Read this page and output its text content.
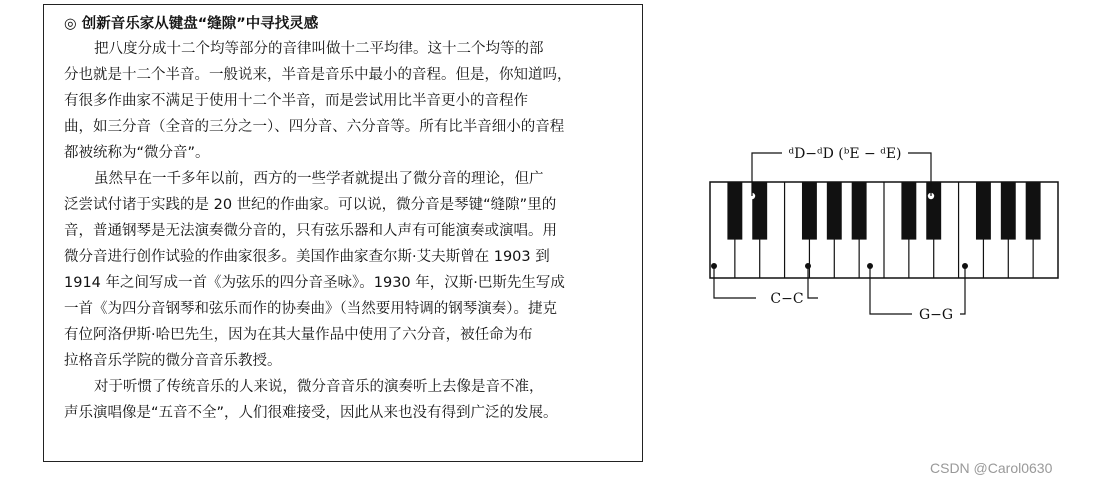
◎ 创新音乐家从键盘“缝隙”中寻找灵感

把八度分成十二个均等部分的音律叫做十二平均律。这十二个均等的部

分也就是十二个半音。一般说来，半音是音乐中最小的音程。但是，你知道吗，

有很多作曲家不满足于使用十二个半音，而是尝试用比半音更小的音程作

曲，如三分音（全音的三分之一）、四分音、六分音等。所有比半音细小的音程

都被统称为“微分音”。

虽然早在一千多年以前，西方的一些学者就提出了微分音的理论，但广

泛尝试付诸于实践的是 20 世纪的作曲家。可以说，微分音是琴键“缝隙”里的

音，普通钢琴是无法演奏微分音的，只有弦乐器和人声有可能演奏或演唱。用

微分音进行创作试验的作曲家很多。美国作曲家查尔斯·艾夫斯曾在 1903 到

1914 年之间写成一首《为弦乐的四分音圣咏》。1930 年，汉斯·巴斯先生写成

一首《为四分音钢琴和弦乐而作的协奏曲》（当然要用特调的钢琴演奏）。捷克

有位阿洛伊斯·哈巴先生，因为在其大量作品中使用了六分音，被任命为布

拉格音乐学院的微分音音乐教授。

对于听惯了传统音乐的人来说，微分音音乐的演奏听上去像是音不准，

声乐演唱像是“五音不全”，人们很难接受，因此从来也没有得到广泛的发展。

ᵈD−ᵈD (ᵇE − ᵈE)
C−C
G−G
CSDN @Carol0630
